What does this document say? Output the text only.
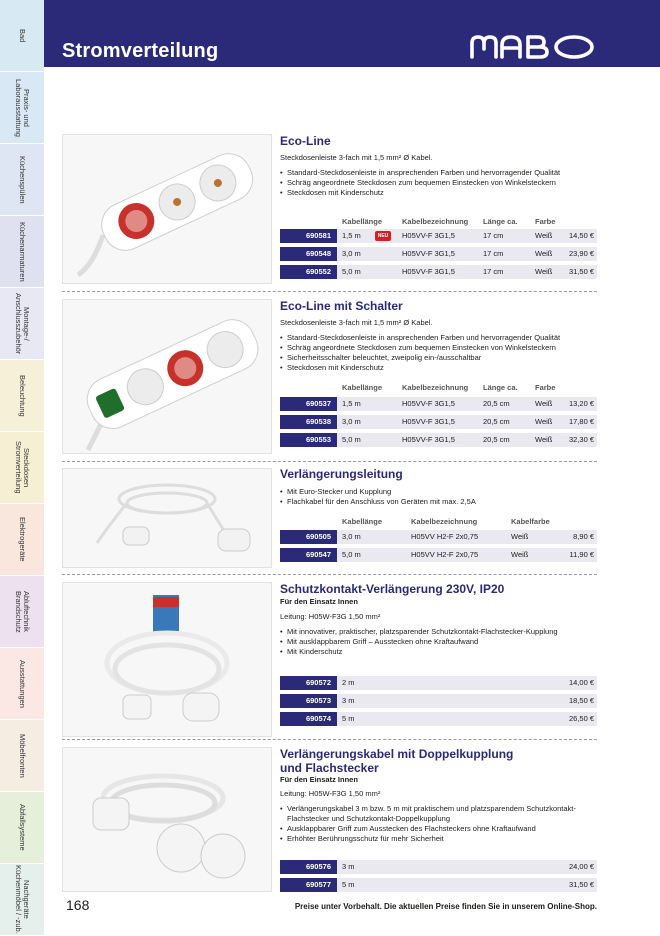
Bad
Praxis- und
Laborausstattung
Küchenspülen
Küchenarmaturen
Montage-/
Anschlusszubehör
Beleuchtung
Steckdosen
Stromverteilung
Elektrogeräte
Abluftechnik
Brandschutz
Ausstattungen
Möbelfronten
Abfallsysteme
Nachgeräte
Küchenmöbel / -zub.
Stromverteilung
Eco-Line
Steckdosenleiste 3-fach mit 1,5 mm² Ø Kabel.
• Standard-Steckdosenleiste in ansprechenden Farben und hervorragender Qualität
• Schräg angeordnete Steckdosen zum bequemen Einstecken von Winkelsteckern
• Steckdosen mit Kinderschutz
Kabellänge	Kabelbezeichnung Länge ca. Farbe
690581	1,5 m	H05VV-F 3G1,5	17 cm	Weiß 14,50 €
NEU
690548	3,0 m	H05VV-F 3G1,5	17 cm	Weiß 23,90 €
690552	5,0 m	H05VV-F 3G1,5	17 cm	Weiß 31,50 €
Eco-Line mit Schalter
Steckdosenleiste 3-fach mit 1,5 mm² Ø Kabel.
• Standard-Steckdosenleiste in ansprechenden Farben und hervorragender Qualität
• Schräg angeordnete Steckdosen zum bequemen Einstecken von Winkelsteckern
• Sicherheitsschalter beleuchtet, zweipolig ein-/ausschaltbar
• Steckdosen mit Kinderschutz
Kabellänge	Kabelbezeichnung Länge ca. Farbe
690537	1,5 m	H05VV-F 3G1,5	20,5 cm	Weiß 13,20 €
690538	3,0 m	H05VV-F 3G1,5	20,5 cm	Weiß 17,80 €
690553	5,0 m	H05VV-F 3G1,5	20,5 cm	Weiß 32,30 €
Verlängerungsleitung
• Mit Euro-Stecker und Kupplung
• Flachkabel für den Anschluss von Geräten mit max. 2,5A
Kabellänge	Kabelbezeichnung	Kabelfarbe
690505	3,0 m	H05VV H2-F 2x0,75	Weiß	8,90 €
690547	5,0 m	H05VV H2-F 2x0,75	Weiß	11,90 €
Schutzkontakt-Verlängerung 230V, IP20
Für den Einsatz Innen
Leitung: H05W-F3G 1,50 mm²
• Mit innovativer, praktischer, platzsparender Schutzkontakt-Flachstecker-Kupplung
• Mit ausklappbarem Griff – Ausstecken ohne Kraftaufwand
• Mit Kinderschutz
690572	2 m	14,00 €
690573	3 m	18,50 €
690574	5 m	26,50 €
Verlängerungskabel mit Doppelkupplung
und Flachstecker
Für den Einsatz Innen
Leitung: H05W-F3G 1,50 mm²
• Verlängerungskabel 3 m bzw. 5 m mit praktischem und platzsparendem Schutzkontakt-Flachstecker und Schutzkontakt-Doppelkupplung
• Ausklappbarer Griff zum Ausstecken des Flachsteckers ohne Kraftaufwand
• Erhöhter Berührungsschutz für mehr Sicherheit
690576	3 m	24,00 €
690577	5 m	31,50 €
168	Preise unter Vorbehalt. Die aktuellen Preise finden Sie in unserem Online-Shop.
